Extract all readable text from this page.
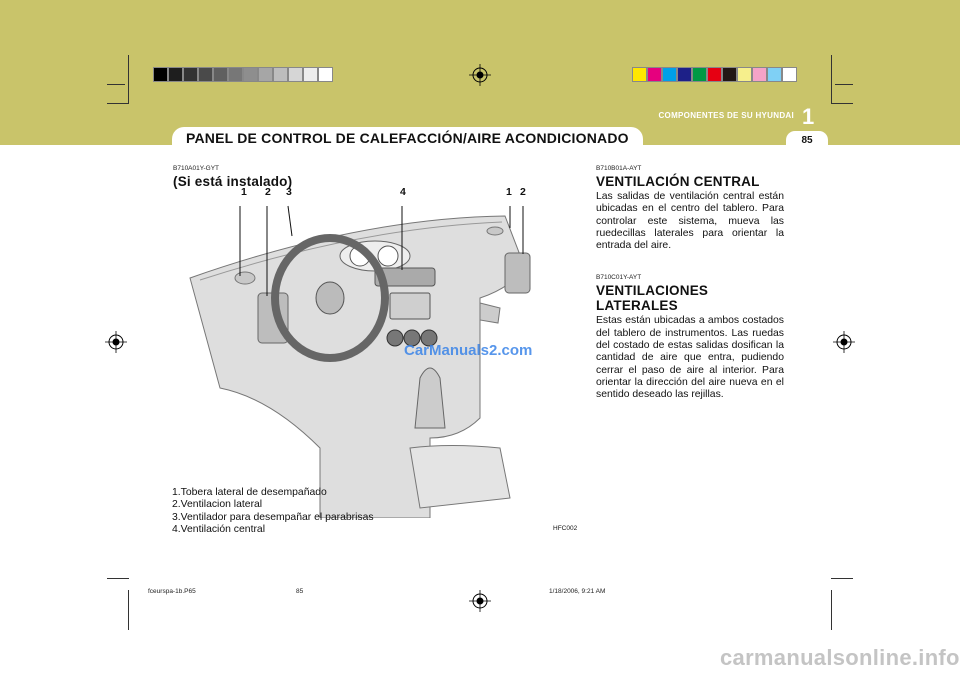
COMPONENTES DE SU HYUNDAI 1
PANEL DE CONTROL DE CALEFACCIÓN/AIRE ACONDICIONADO	85
B710A01Y-GYT
(Si está instalado)
1 2 3	4	1 2
CarManuals2.com
1.Tobera lateral de desempañado
2.Ventilacion lateral
3.Ventilador para desempañar el parabrisas
4.Ventilación central	HFC002
B710B01A-AYT
VENTILACIÓN CENTRAL
Las salidas de ventilación central están ubicadas en el centro del tablero. Para controlar este sistema, mueva las ruedecillas laterales para orientar la entrada del aire.
B710C01Y-AYT
VENTILACIONES LATERALES
Estas están ubicadas a ambos costados del tablero de instrumentos. Las ruedas del costado de estas salidas dosifican la cantidad de aire que entra, pudiendo cerrar el paso de aire al interior. Para orientar la dirección del aire nueva en el sentido deseado las rejillas.
fceurspa-1b.P65	85	1/18/2006, 9:21 AM
carmanualsonline.info
